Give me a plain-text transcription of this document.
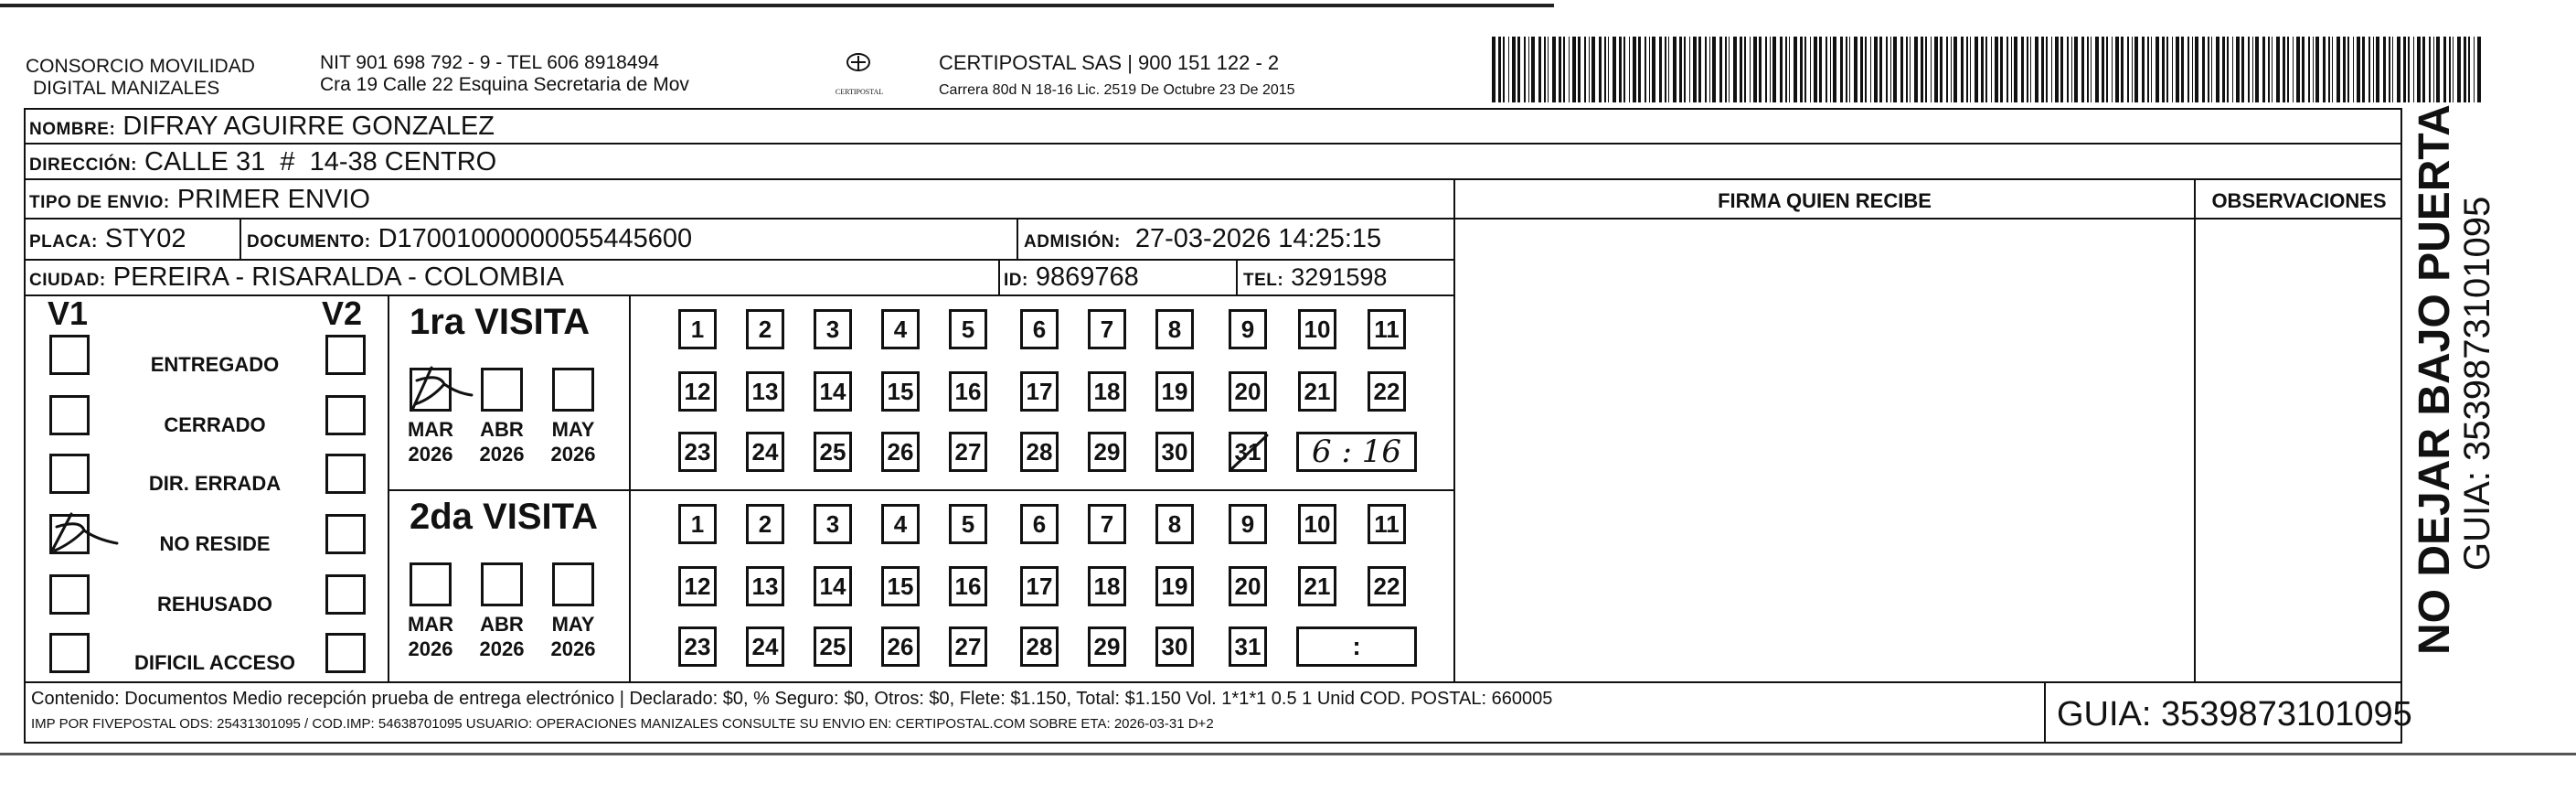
CONSORCIO MOVILIDAD
DIGITAL MANIZALES
NIT 901 698 792 - 9 - TEL 606 8918494
Cra 19 Calle 22 Esquina Secretaria de Mov	CERTIPOSTAL
CERTIPOSTAL SAS | 900 151 122 - 2
Carrera 80d N 18-16 Lic. 2519 De Octubre 23 De 2015
NOMBRE: DIFRAY AGUIRRE GONZALEZ
DIRECCIÓN: CALLE 31  #  14-38 CENTRO
TIPO DE ENVIO: PRIMER ENVIO	FIRMA QUIEN RECIBE	OBSERVACIONES
PLACA: STY02	DOCUMENTO: D17001000000055445600	ADMISIÓN: 27-03-2026 14:25:15
CIUDAD: PEREIRA - RISARALDA - COLOMBIA	ID: 9869768	TEL: 3291598
V1	V2
ENTREGADO
CERRADO
DIR. ERRADA
NO RESIDE
REHUSADO
DIFICIL ACCESO
1ra VISITA
MAR
2026
ABR
2026
MAY
2026
1	2	3	4	5	6	7	8	9	10 11
12 13 14 15 16 17 18 19 20 21 22
23 24 25 26 27 28 29 30 31	6 : 16
2da VISITA
MAR
2026
ABR
2026
MAY
2026
1	2	3	4	5	6	7	8	9	10 11
12 13 14 15 16 17 18 19 20 21 22
23 24 25 26 27 28 29 30 31	:
Contenido: Documentos Medio recepción prueba de entrega electrónico | Declarado: $0, % Seguro: $0, Otros: $0, Flete: $1.150, Total: $1.150 Vol. 1*1*1 0.5 1 Unid COD. POSTAL: 660005
IMP POR FIVEPOSTAL ODS: 25431301095 / COD.IMP: 54638701095 USUARIO: OPERACIONES MANIZALES CONSULTE SU ENVIO EN: CERTIPOSTAL.COM SOBRE ETA: 2026-03-31 D+2	GUIA: 3539873101095
NO DEJAR BAJO PUERTA
GUIA: 3539873101095
